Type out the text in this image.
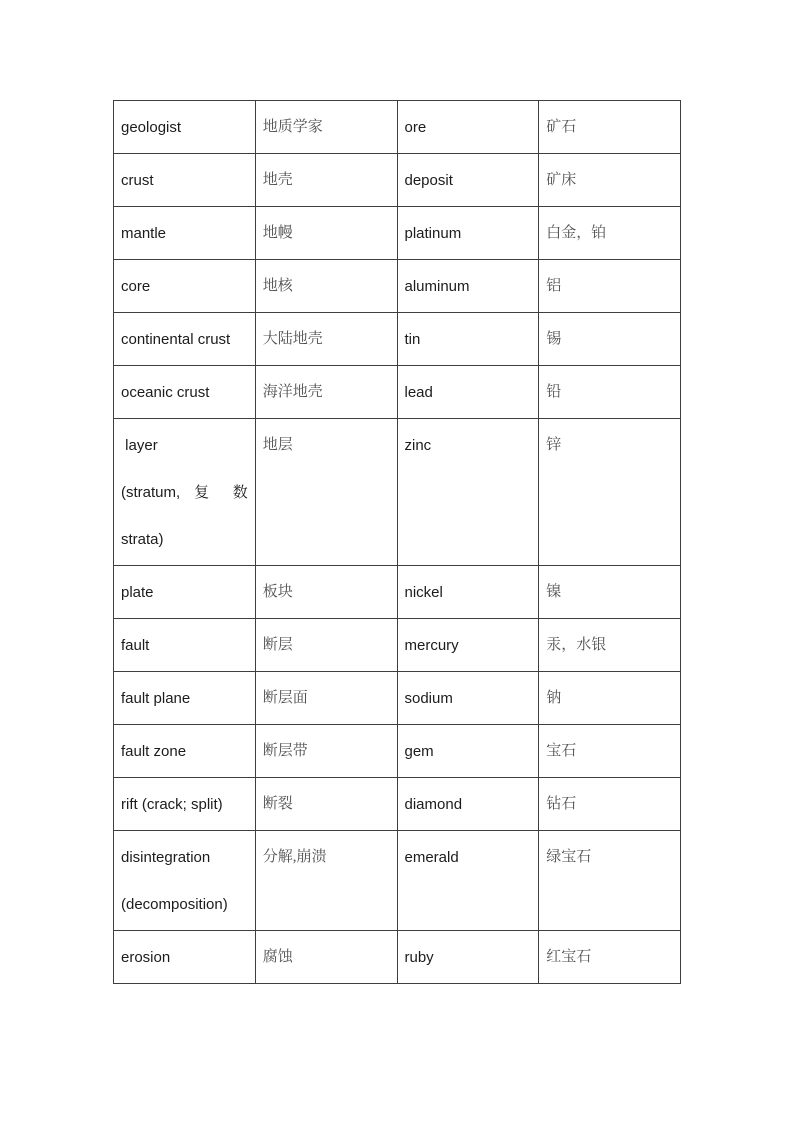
geologist	地质学家	ore	矿石

crust	地壳	deposit	矿床

mantle	地幔	platinum	白金，铂

core	地核	aluminum	铝

continental crust	大陆地壳	tin	锡

oceanic crust	海洋地壳	lead	铅

layer
(stratum, 复 数
strata)	地层	zinc	锌

plate	板块	nickel	镍

fault	断层	mercury	汞，水银

fault plane	断层面	sodium	钠

fault zone	断层带	gem	宝石

rift (crack; split)	断裂	diamond	钻石

disintegration
(decomposition)	分解,崩溃	emerald	绿宝石

erosion	腐蚀	ruby	红宝石
